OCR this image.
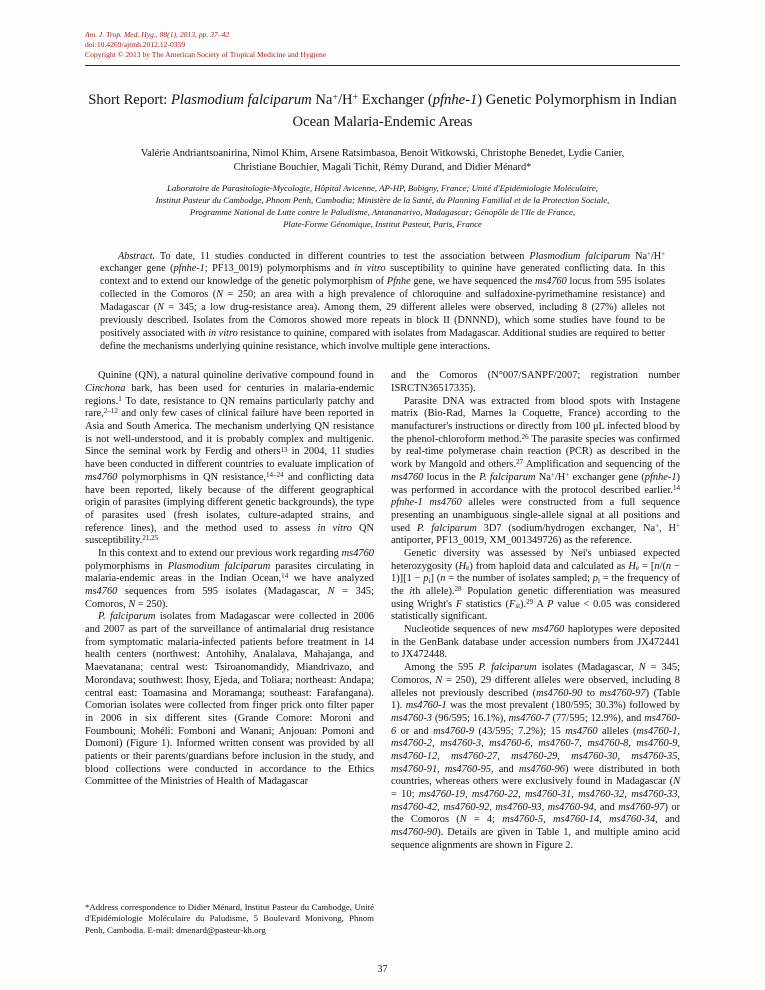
Am. J. Trop. Med. Hyg., 88(1), 2013, pp. 37–42
doi:10.4269/ajtmh.2012.12-0359
Copyright © 2013 by The American Society of Tropical Medicine and Hygiene
Short Report: Plasmodium falciparum Na+/H+ Exchanger (pfnhe-1) Genetic Polymorphism in Indian Ocean Malaria-Endemic Areas
Valérie Andriantsoanirina, Nimol Khim, Arsene Ratsimbasoa, Benoit Witkowski, Christophe Benedet, Lydie Canier,
Christiane Bouchier, Magali Tichit, Rémy Durand, and Didier Ménard*
Laboratoire de Parasitologie-Mycologie, Hôpital Avicenne, AP-HP, Bobigny, France; Unité d'Epidémiologie Moléculaire,
Institut Pasteur du Cambodge, Phnom Penh, Cambodia; Ministère de la Santé, du Planning Familial et de la Protection Sociale,
Programme National de Lutte contre le Paludisme, Antananarivo, Madagascar; Génopôle de l'Ile de France,
Plate-Forme Génomique, Institut Pasteur, Paris, France

Abstract. To date, 11 studies conducted in different countries to test the association between Plasmodium falciparum Na+/H+ exchanger gene (pfnhe-1; PF13_0019) polymorphisms and in vitro susceptibility to quinine have generated conflicting data. In this context and to extend our knowledge of the genetic polymorphism of Pfnhe gene, we have sequenced the ms4760 locus from 595 isolates collected in the Comoros (N = 250; an area with a high prevalence of chloroquine and sulfadoxine-pyrimethamine resistance) and Madagascar (N = 345; a low drug-resistance area). Among them, 29 different alleles were observed, including 8 (27%) alleles not previously described. Isolates from the Comoros showed more repeats in block II (DNNND), which some studies have found to be positively associated with in vitro resistance to quinine, compared with isolates from Madagascar. Additional studies are required to better define the mechanisms underlying quinine resistance, which involve multiple gene interactions.

Quinine (QN), a natural quinoline derivative compound found in Cinchona bark, has been used for centuries in malaria-endemic regions.$^1$ To date, resistance to QN remains particularly patchy and rare,$^{2-12}$ and only few cases of clinical failure have been reported in Asia and South America. The mechanism underlying QN resistance is not well-understood, and it is probably complex and multigenic. Since the seminal work by Ferdig and others$^{13}$ in 2004, 11 studies have been conducted in different countries to evaluate implication of ms4760 polymorphisms in QN resistance,$^{14-24}$ and conflicting data have been reported, likely because of the different geographical origin of parasites (implying different genetic backgrounds), the type of parasites used (fresh isolates, culture-adapted strains, and reference lines), and the method used to assess in vitro QN susceptibility.$^{21,25}$

In this context and to extend our previous work regarding ms4760 polymorphisms in Plasmodium falciparum parasites circulating in malaria-endemic areas in the Indian Ocean,$^{14}$ we have analyzed ms4760 sequences from 595 isolates (Madagascar, N = 345; Comoros, N = 250).

P. falciparum isolates from Madagascar were collected in 2006 and 2007 as part of the surveillance of antimalarial drug resistance from symptomatic malaria-infected patients before treatment in 14 health centers (northwest: Antohihy, Analalava, Mahajanga, and Maevatanana; central west: Tsiroanomandidy, Miandrivazo, and Morondava; southwest: Ihosy, Ejeda, and Toliara; northeast: Andapa; central east: Toamasina and Moramanga; southeast: Farafangana). Comorian isolates were collected from finger prick onto filter paper in 2006 in six different sites (Grande Comore: Moroni and Foumbouni; Mohéli: Fomboni and Wanani; Anjouan: Pomoni and Domoni) (Figure 1). Informed written consent was provided by all patients or their parents/guardians before inclusion in the study, and blood collections were conducted in accordance to the Ethics Committee of the Ministries of Health of Madagascar

*Address correspondence to Didier Ménard, Institut Pasteur du Cambodge, Unité d'Epidémiologie Moléculaire du Paludisme, 5 Boulevard Monivong, Phnom Penh, Cambodia. E-mail: dmenard@pasteur-kh.org

and the Comoros (N°007/SANPF/2007; registration number ISRCTN36517335).

Parasite DNA was extracted from blood spots with Instagene matrix (Bio-Rad, Marnes la Coquette, France) according to the manufacturer's instructions or directly from 100 μL infected blood by the phenol-chloroform method.$^{26}$ The parasite species was confirmed by real-time polymerase chain reaction (PCR) as described in the work by Mangold and others.$^{27}$ Amplification and sequencing of the ms4760 locus in the P. falciparum Na+/H+ exchanger gene (pfnhe-1) was performed in accordance with the protocol described earlier.$^{14}$ pfnhe-1 ms4760 alleles were constructed from a full sequence presenting an unambiguous single-allele signal at all positions and used P. falciparum 3D7 (sodium/hydrogen exchanger, Na+, H+ antiporter, PF13_0019, XM_001349726) as the reference.

Genetic diversity was assessed by Nei's unbiased expected heterozygosity $(H_e)$ from haploid data and calculated as $H_e = [n/(n - 1)][1 - p_i] (n$ = the number of isolates sampled; $p_i$ = the frequency of the ith allele).$^{28}$ Population genetic differentiation was measured using Wright's F statistics $(F_{st}).^{29}$ A P value < 0.05 was considered statistically significant.

Nucleotide sequences of new ms4760 haplotypes were deposited in the GenBank database under accession numbers from JX472441 to JX472448.

Among the 595 P. falciparum isolates (Madagascar, N = 345; Comoros, N = 250), 29 different alleles were observed, including 8 alleles not previously described (ms4760-90 to ms4760-97) (Table 1). ms4760-1 was the most prevalent (180/595; 30.3%) followed by ms4760-3 (96/595; 16.1%), ms4760-7 (77/595; 12.9%), and ms4760-6 or and ms4760-9 (43/595; 7.2%); 15 ms4760 alleles (ms4760-1, ms4760-2, ms4760-3, ms4760-6, ms4760-7, ms4760-8, ms4760-9, ms4760-12, ms4760-27, ms4760-29, ms4760-30, ms4760-35, ms4760-91, ms4760-95, and ms4760-96) were distributed in both countries, whereas others were exclusively found in Madagascar (N = 10; ms4760-19, ms4760-22, ms4760-31, ms4760-32, ms4760-33, ms4760-42, ms4760-92, ms4760-93, ms4760-94, and ms4760-97) or the Comoros (N = 4; ms4760-5, ms4760-14, ms4760-34, and ms4760-90). Details are given in Table 1, and multiple amino acid sequence alignments are shown in Figure 2.

37
